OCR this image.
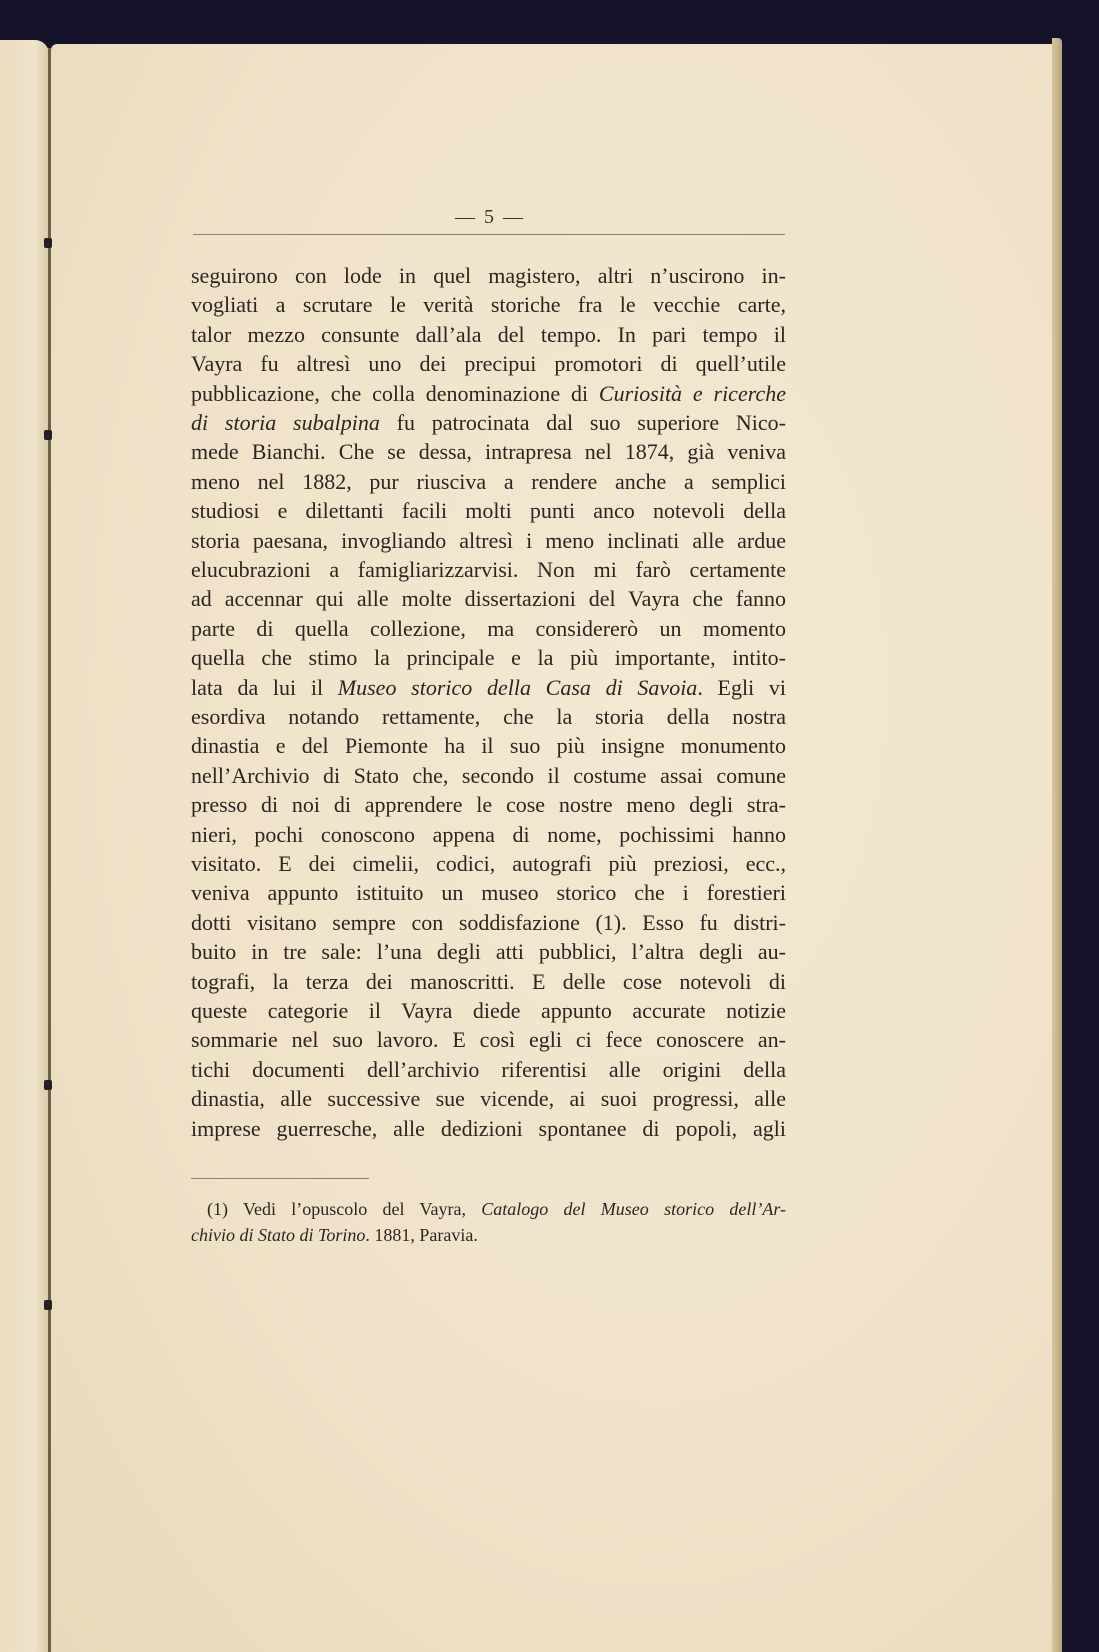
— 5 —
seguirono con lode in quel magistero, altri n’uscirono in-
vogliati a scrutare le verità storiche fra le vecchie carte,
talor mezzo consunte dall’ala del tempo. In pari tempo il
Vayra fu altresì uno dei precipui promotori di quell’utile
pubblicazione, che colla denominazione di Curiosità e ricerche
di storia subalpina fu patrocinata dal suo superiore Nico-
mede Bianchi. Che se dessa, intrapresa nel 1874, già veniva
meno nel 1882, pur riusciva a rendere anche a semplici
studiosi e dilettanti facili molti punti anco notevoli della
storia paesana, invogliando altresì i meno inclinati alle ardue
elucubrazioni a famigliarizzarvisi. Non mi farò certamente
ad accennar qui alle molte dissertazioni del Vayra che fanno
parte di quella collezione, ma considererò un momento
quella che stimo la principale e la più importante, intito-
lata da lui il Museo storico della Casa di Savoia. Egli vi
esordiva notando rettamente, che la storia della nostra
dinastia e del Piemonte ha il suo più insigne monumento
nell’Archivio di Stato che, secondo il costume assai comune
presso di noi di apprendere le cose nostre meno degli stra-
nieri, pochi conoscono appena di nome, pochissimi hanno
visitato. E dei cimelii, codici, autografi più preziosi, ecc.,
veniva appunto istituito un museo storico che i forestieri
dotti visitano sempre con soddisfazione (1). Esso fu distri-
buito in tre sale: l’una degli atti pubblici, l’altra degli au-
tografi, la terza dei manoscritti. E delle cose notevoli di
queste categorie il Vayra diede appunto accurate notizie
sommarie nel suo lavoro. E così egli ci fece conoscere an-
tichi documenti dell’archivio riferentisi alle origini della
dinastia, alle successive sue vicende, ai suoi progressi, alle
imprese guerresche, alle dedizioni spontanee di popoli, agli
(1) Vedi l’opuscolo del Vayra, Catalogo del Museo storico dell’Ar-
chivio di Stato di Torino. 1881, Paravia.
